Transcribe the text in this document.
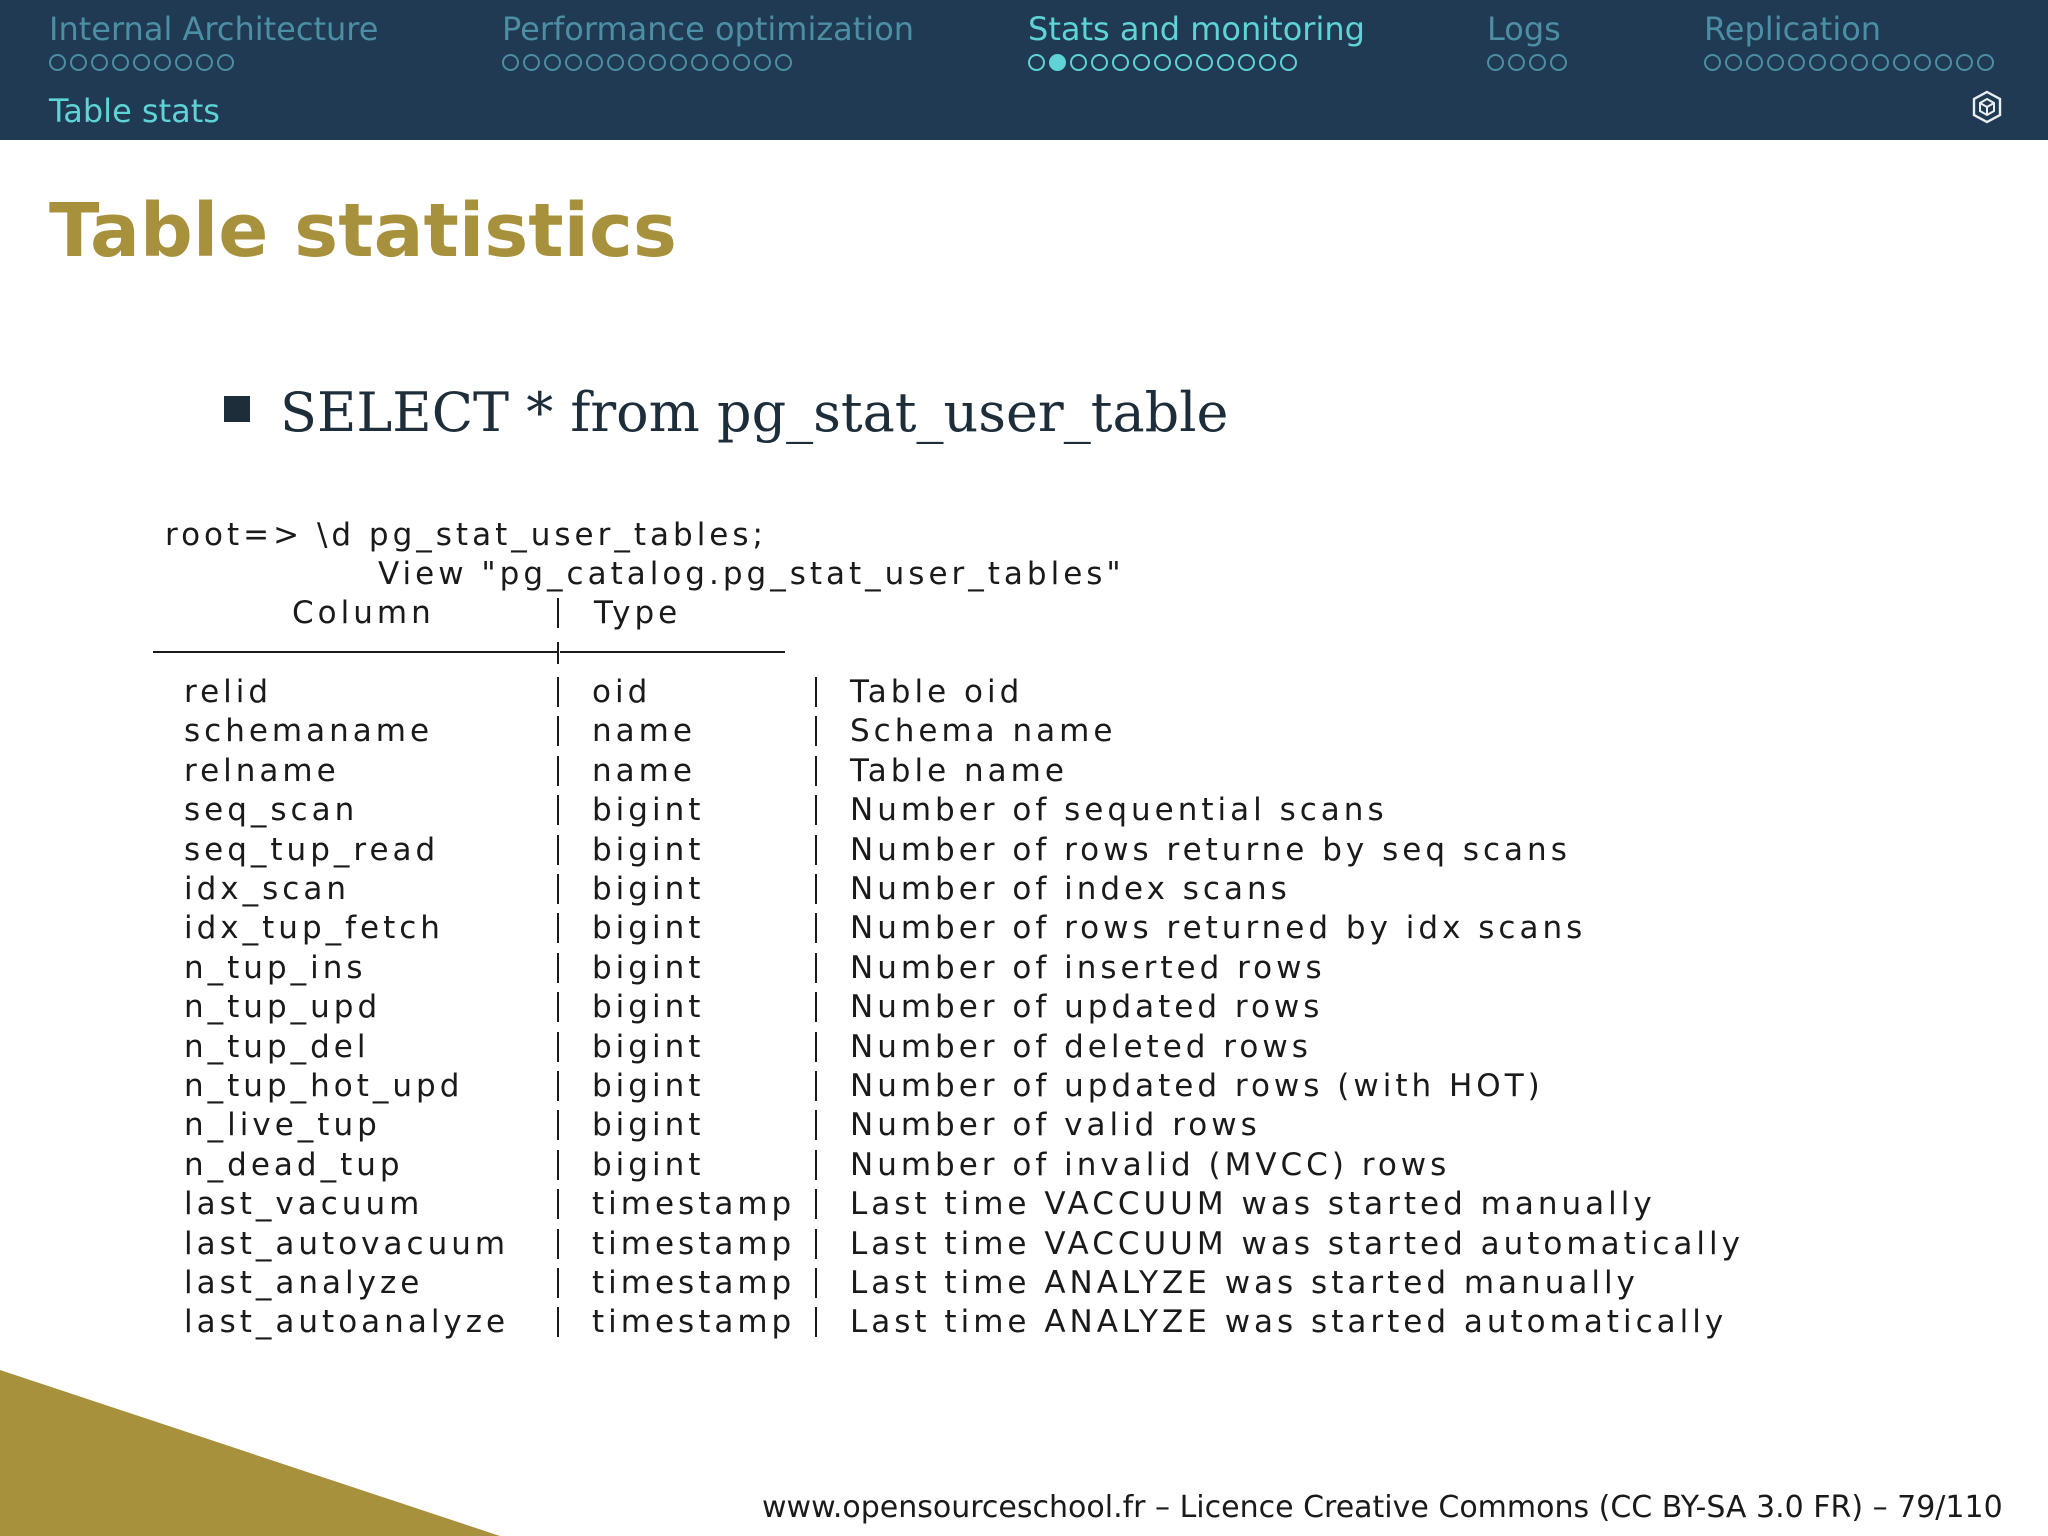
Internal Architecture	Performance optimization	Stats and monitoring	Logs	Replication
Table stats
Table statistics
SELECT * from pg_stat_user_table
root=> \d pg_stat_user_tables;
View "pg_catalog.pg_stat_user_tables"
Column	Type
relid	oid	Table oid
schemaname	name	Schema name
relname	name	Table name
seq_scan	bigint	Number of sequential scans
seq_tup_read	bigint	Number of rows returne by seq scans
idx_scan	bigint	Number of index scans
idx_tup_fetch	bigint	Number of rows returned by idx scans
n_tup_ins	bigint	Number of inserted rows
n_tup_upd	bigint	Number of updated rows
n_tup_del	bigint	Number of deleted rows
n_tup_hot_upd	bigint	Number of updated rows (with HOT)
n_live_tup	bigint	Number of valid rows
n_dead_tup	bigint	Number of invalid (MVCC) rows
last_vacuum	timestamp Last time VACCUUM was started manually
last_autovacuum	timestamp Last time VACCUUM was started automatically
last_analyze	timestamp Last time ANALYZE was started manually
last_autoanalyze	timestamp Last time ANALYZE was started automatically
www.opensourceschool.fr – Licence Creative Commons (CC BY-SA 3.0 FR) – 79/110
